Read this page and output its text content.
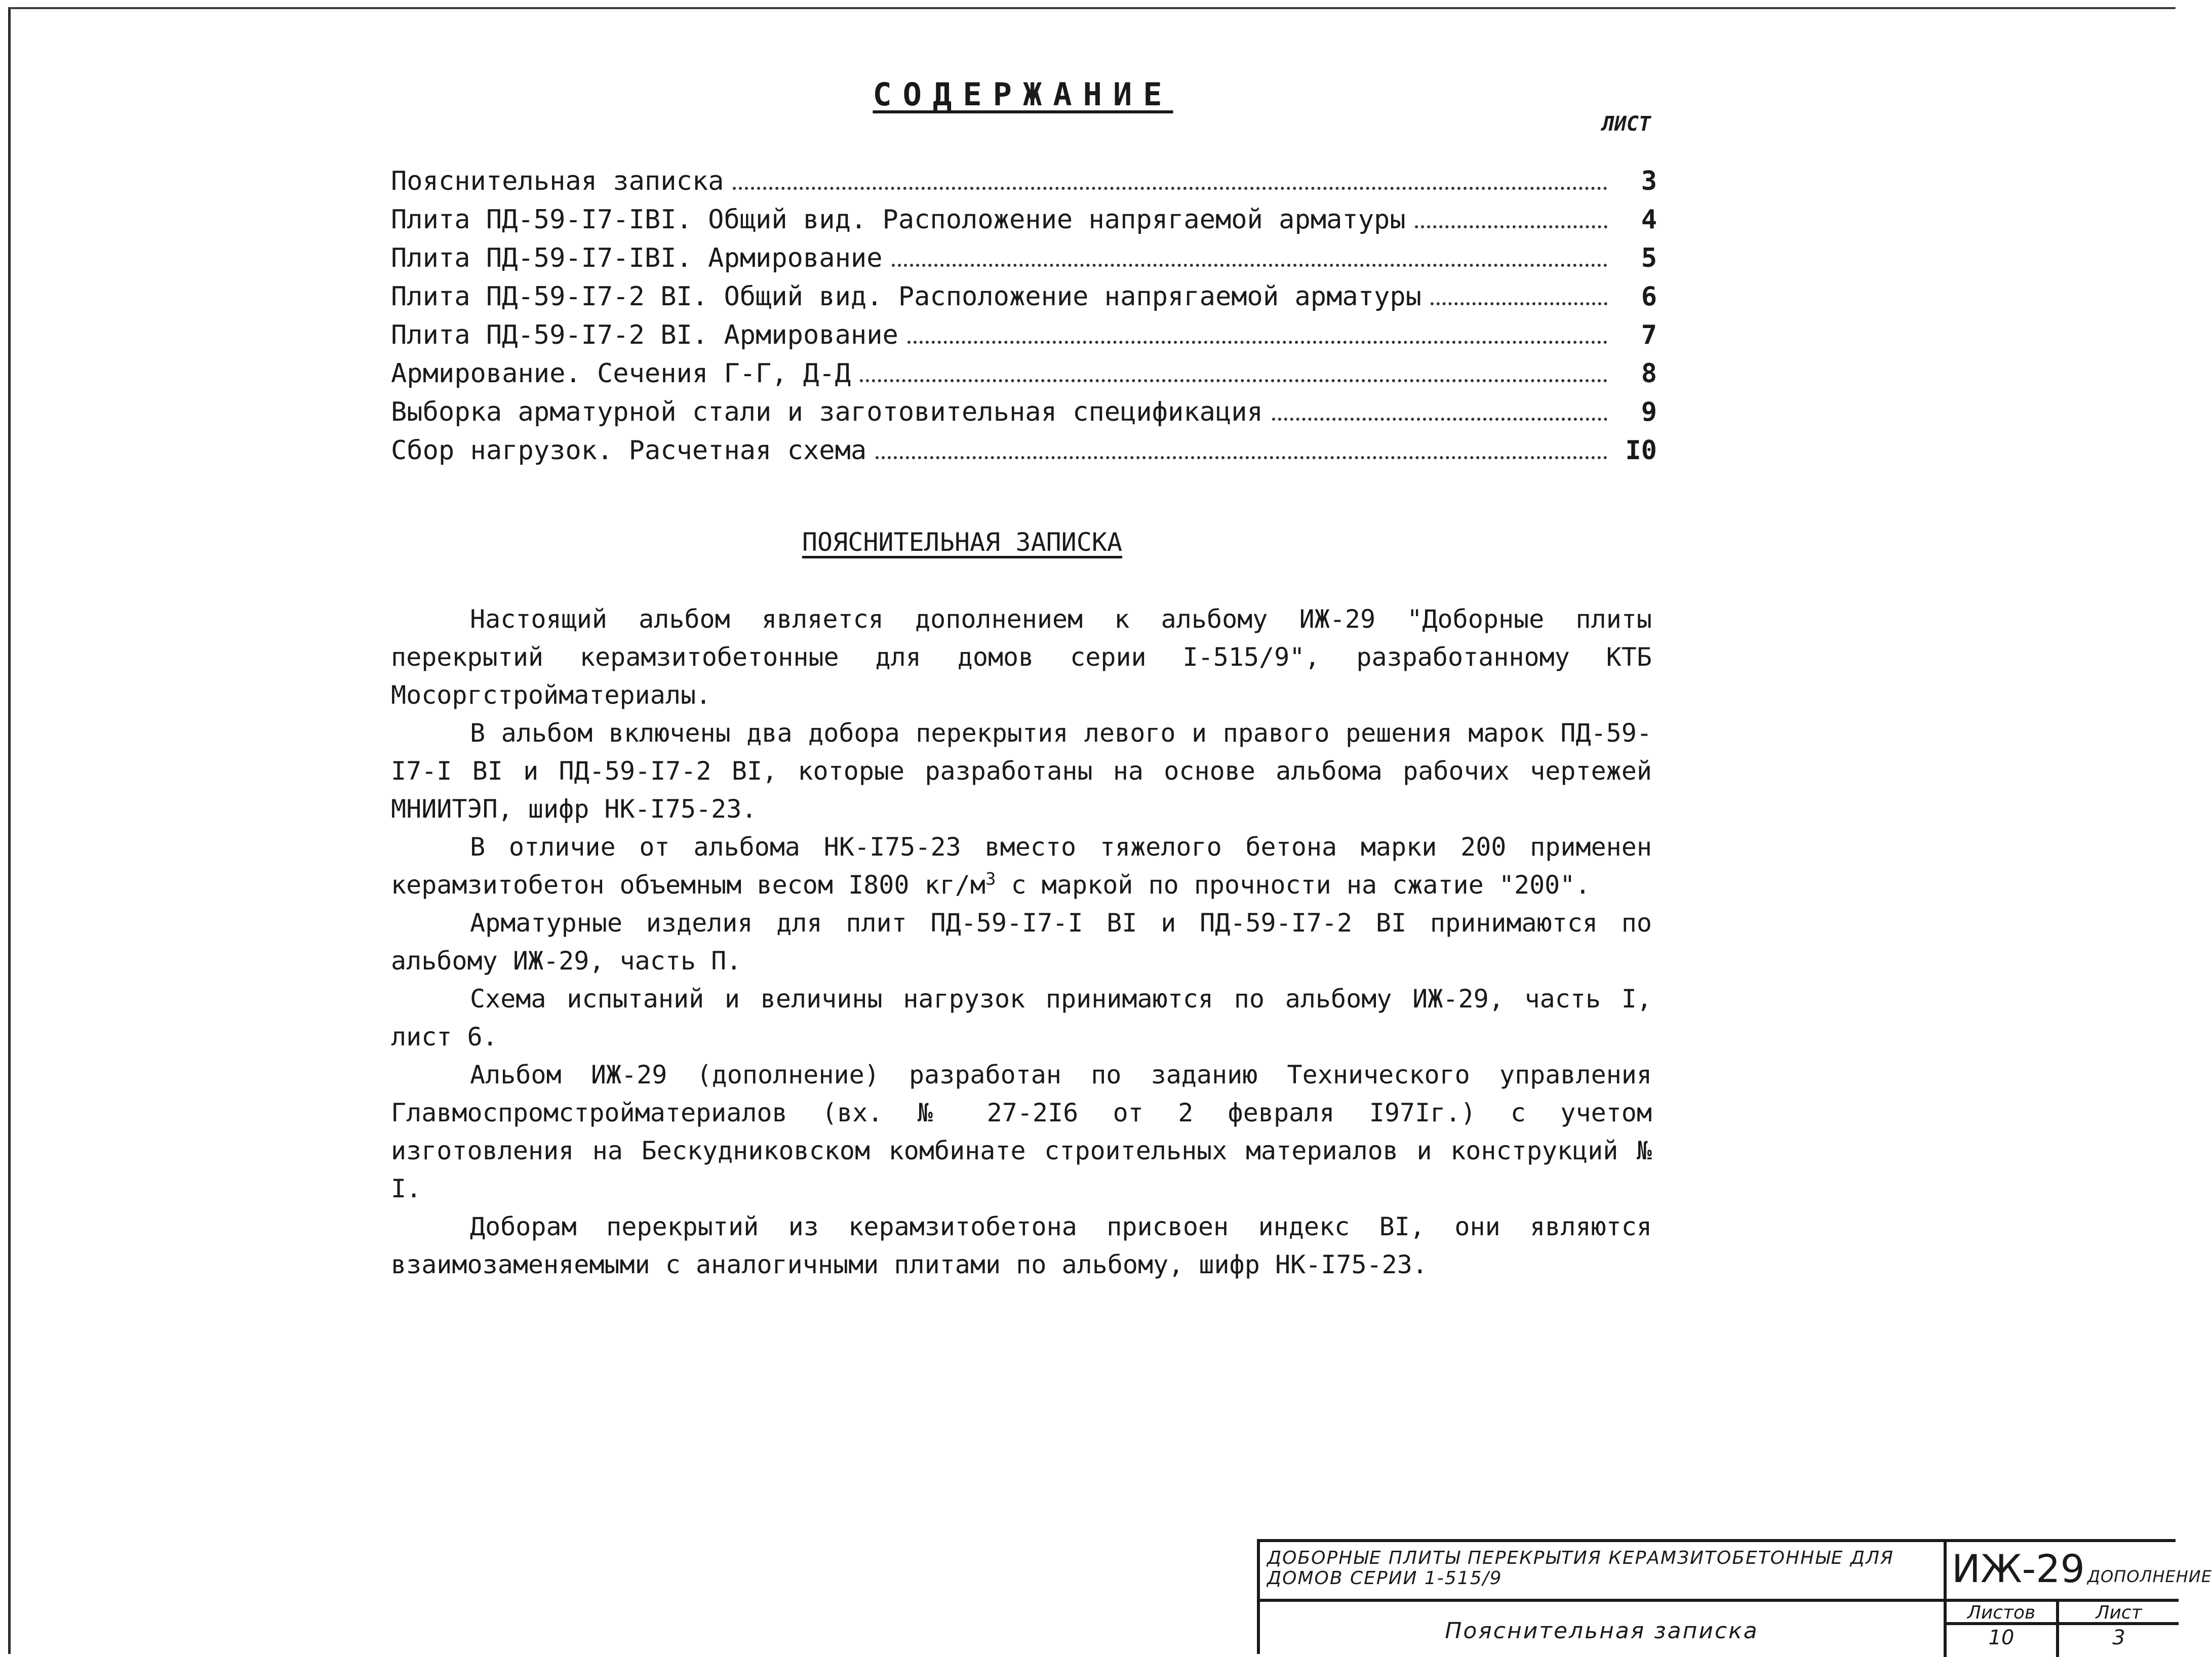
СОДЕРЖАНИЕ
ЛИСТ
Пояснительная записка	3
Плита ПД-59-I7-IBI. Общий вид. Расположение напрягаемой арматуры	4
Плита ПД-59-I7-IBI. Армирование	5
Плита ПД-59-I7-2 BI. Общий вид. Расположение напрягаемой арматуры	6
Плита ПД-59-I7-2 BI. Армирование	7
Армирование. Сечения Г-Г, Д-Д	8
Выборка арматурной стали и заготовительная спецификация	9
Сбор нагрузок. Расчетная схема	I0
ПОЯСНИТЕЛЬНАЯ ЗАПИСКА

Настоящий альбом является дополнением к альбому ИЖ-29 "Доборные плиты перекрытий керамзитобетонные для домов серии I-515/9", разработанному КТБ Мосоргстройматериалы.

В альбом включены два добора перекрытия левого и правого решения марок ПД-59-I7-I BI и ПД-59-I7-2 BI, которые разработаны на основе альбома рабочих чертежей МНИИТЭП, шифр НК-I75-23.

В отличие от альбома НК-I75-23 вместо тяжелого бетона марки 200 применен керамзитобетон объемным весом I800 $кг/м^3$ с маркой по прочности на сжатие "200".

Арматурные изделия для плит ПД-59-I7-I BI и ПД-59-I7-2 BI принимаются по альбому ИЖ-29, часть П.

Схема испытаний и величины нагрузок принимаются по альбому ИЖ-29, часть I, лист 6.

Альбом ИЖ-29 (дополнение) разработан по заданию Технического управления Главмоспромстройматериалов (вх. № 27-2I6 от 2 февраля I97Iг.) с учетом изготовления на Бескудниковском комбинате строительных материалов и конструкций № I.

Доборам перекрытий из керамзитобетона присвоен индекс BI, они являются взаимозаменяемыми с аналогичными плитами по альбому, шифр НК-I75-23.

ДОБОРНЫЕ ПЛИТЫ ПЕРЕКРЫТИЯ КЕРАМЗИТОБЕТОННЫЕ ДЛЯ ДОМОВ СЕРИИ 1-515/9	ИЖ-29 ДОПОЛНЕНИЕ
Пояснительная записка
Листов	Лист
10	3
